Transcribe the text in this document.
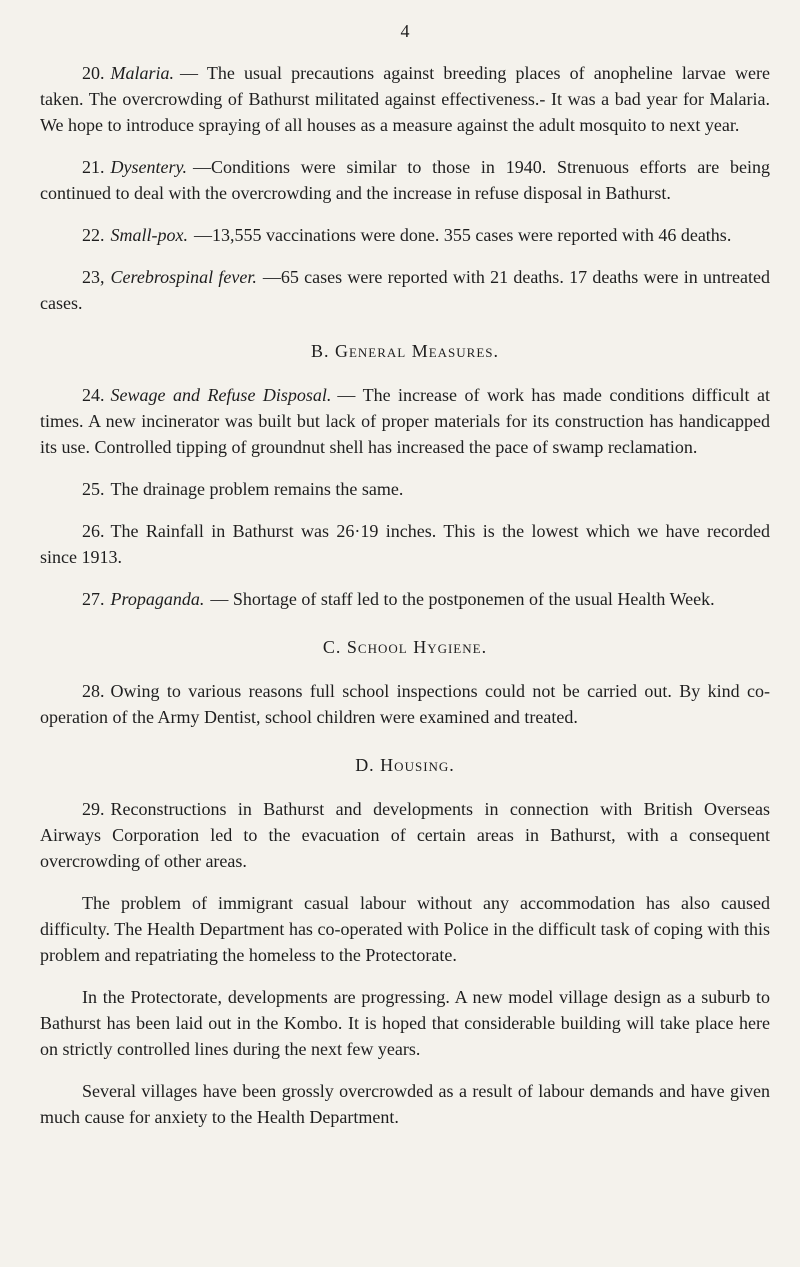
4

20. Malaria. — The usual precautions against breeding places of anopheline larvae were taken. The overcrowding of Bathurst militated against effectiveness.- It was a bad year for Malaria. We hope to introduce spraying of all houses as a measure against the adult mosquito to next year.

21. Dysentery. —Conditions were similar to those in 1940. Strenuous efforts are being continued to deal with the overcrowding and the increase in refuse disposal in Bathurst.

22. Small-pox. —13,555 vaccinations were done. 355 cases were reported with 46 deaths.

23, Cerebrospinal fever. —65 cases were reported with 21 deaths. 17 deaths were in untreated cases.

B. General Measures.

24. Sewage and Refuse Disposal. — The increase of work has made conditions difficult at times. A new incinerator was built but lack of proper materials for its construction has handicapped its use. Controlled tipping of groundnut shell has increased the pace of swamp reclamation.

25. The drainage problem remains the same.

26. The Rainfall in Bathurst was 26·19 inches. This is the lowest which we have recorded since 1913.

27. Propaganda. — Shortage of staff led to the postponemen of the usual Health Week.

C. School Hygiene.

28. Owing to various reasons full school inspections could not be carried out. By kind co-operation of the Army Dentist, school children were examined and treated.

D. Housing.

29. Reconstructions in Bathurst and developments in connection with British Overseas Airways Corporation led to the evacuation of certain areas in Bathurst, with a consequent overcrowding of other areas.

The problem of immigrant casual labour without any accommodation has also caused difficulty. The Health Department has co-operated with Police in the difficult task of coping with this problem and repatriating the homeless to the Protectorate.

In the Protectorate, developments are progressing. A new model village design as a suburb to Bathurst has been laid out in the Kombo. It is hoped that considerable building will take place here on strictly controlled lines during the next few years.

Several villages have been grossly overcrowded as a result of labour demands and have given much cause for anxiety to the Health Department.
